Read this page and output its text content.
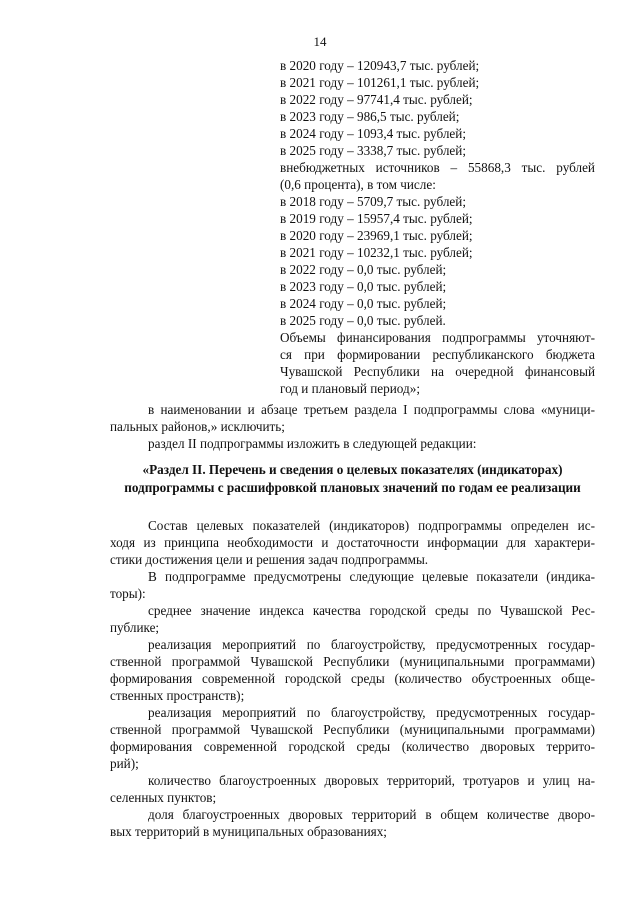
14
в 2020 году – 120943,7 тыс. рублей;
в 2021 году – 101261,1 тыс. рублей;
в 2022 году – 97741,4 тыс. рублей;
в 2023 году – 986,5 тыс. рублей;
в 2024 году – 1093,4 тыс. рублей;
в 2025 году – 3338,7 тыс. рублей;
внебюджетных источников – 55868,3 тыс. рублей
(0,6 процента), в том числе:
в 2018 году – 5709,7 тыс. рублей;
в 2019 году – 15957,4 тыс. рублей;
в 2020 году – 23969,1 тыс. рублей;
в 2021 году – 10232,1 тыс. рублей;
в 2022 году – 0,0 тыс. рублей;
в 2023 году – 0,0 тыс. рублей;
в 2024 году – 0,0 тыс. рублей;
в 2025 году – 0,0 тыс. рублей.
Объемы финансирования подпрограммы уточняют-
ся при формировании республиканского бюджета
Чувашской Республики на очередной финансовый
год и плановый период»;
в наименовании и абзаце третьем раздела I подпрограммы слова «муници-
пальных районов,» исключить;
раздел II подпрограммы изложить в следующей редакции:
«Раздел II. Перечень и сведения о целевых показателях (индикаторах)
подпрограммы с расшифровкой плановых значений по годам ее реализации
Состав целевых показателей (индикаторов) подпрограммы определен ис-
ходя из принципа необходимости и достаточности информации для характери-
стики достижения цели и решения задач подпрограммы.
В подпрограмме предусмотрены следующие целевые показатели (индика-
торы):
среднее значение индекса качества городской среды по Чувашской Рес-
публике;
реализация мероприятий по благоустройству, предусмотренных государ-
ственной программой Чувашской Республики (муниципальными программами)
формирования современной городской среды (количество обустроенных обще-
ственных пространств);
реализация мероприятий по благоустройству, предусмотренных государ-
ственной программой Чувашской Республики (муниципальными программами)
формирования современной городской среды (количество дворовых террито-
рий);
количество благоустроенных дворовых территорий, тротуаров и улиц на-
селенных пунктов;
доля благоустроенных дворовых территорий в общем количестве дворо-
вых территорий в муниципальных образованиях;
